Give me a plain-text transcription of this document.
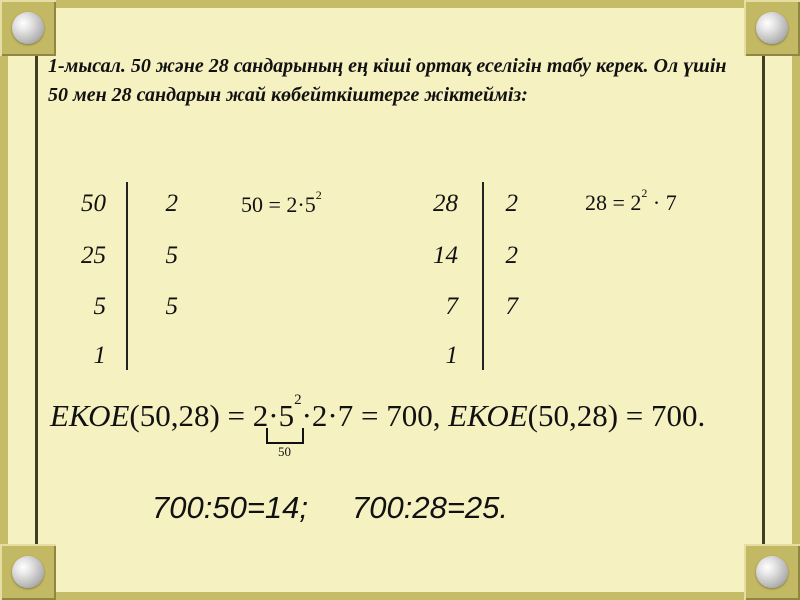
1-мысал. 50 және 28 сандарының ең кіші ортақ еселігін табу керек. Ол үшін 50 мен 28 сандарын жай көбейткіштерге жіктейміз:
50
25
5
1
2
5
5
$50 = 2\cdot 5^2$	28
14
7
1
2
2
7
$28 = 2^2 \cdot 7$
ЕКОЕ(50,28) = $2\cdot 5^2\cdot 2\cdot 7 = 700$, ЕКОЕ(50,28) = 700.
50
700:50=14; 700:28=25.
